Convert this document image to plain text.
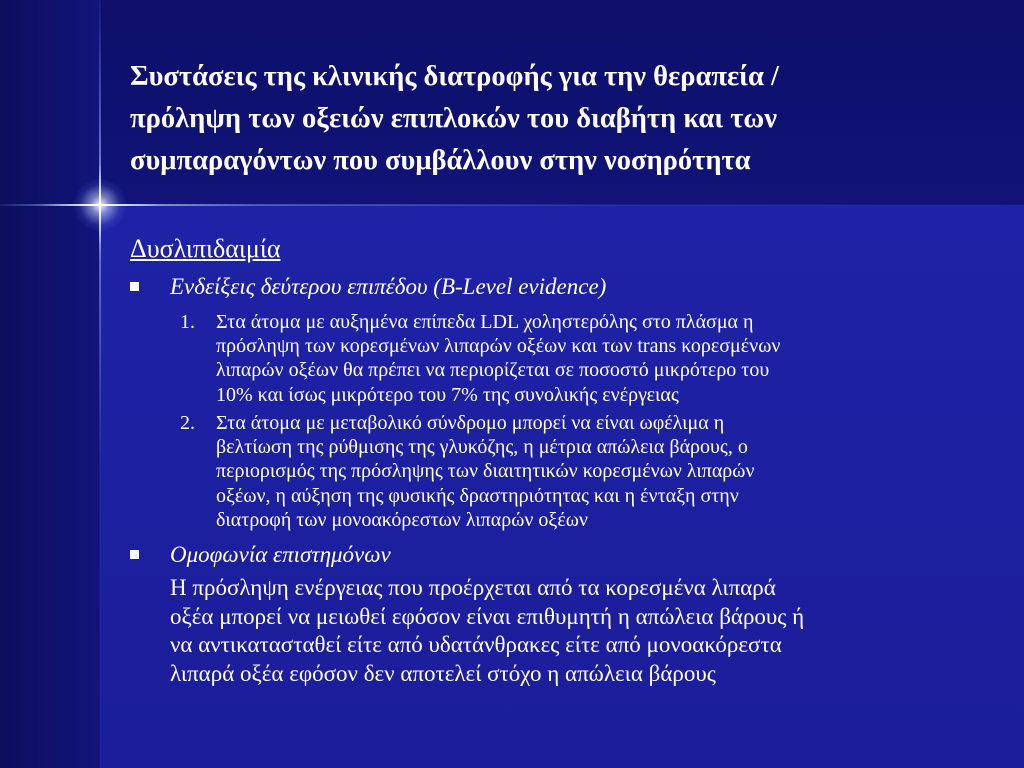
Συστάσεις της κλινικής διατροφής για την θεραπεία /
πρόληψη των οξειών επιπλοκών του διαβήτη και των
συμπαραγόντων που συμβάλλουν στην νοσηρότητα
Δυσλιπιδαιμία
Ενδείξεις δεύτερου επιπέδου (B-Level evidence)
1.	Στα άτομα με αυξημένα επίπεδα LDL χοληστερόλης στο πλάσμα η
πρόσληψη των κορεσμένων λιπαρών οξέων και των trans κορεσμένων
λιπαρών οξέων θα πρέπει να περιορίζεται σε ποσοστό μικρότερο του
10% και ίσως μικρότερο του 7% της συνολικής ενέργειας
2.	Στα άτομα με μεταβολικό σύνδρομο μπορεί να είναι ωφέλιμα η
βελτίωση της ρύθμισης της γλυκόζης, η μέτρια απώλεια βάρους, ο
περιορισμός της πρόσληψης των διαιτητικών κορεσμένων λιπαρών
οξέων, η αύξηση της φυσικής δραστηριότητας και η ένταξη στην
διατροφή των μονοακόρεστων λιπαρών οξέων
Ομοφωνία επιστημόνων
Η πρόσληψη ενέργειας που προέρχεται από τα κορεσμένα λιπαρά
οξέα μπορεί να μειωθεί εφόσον είναι επιθυμητή η απώλεια βάρους ή
να αντικατασταθεί είτε από υδατάνθρακες είτε από μονοακόρεστα
λιπαρά οξέα εφόσον δεν αποτελεί στόχο η απώλεια βάρους
